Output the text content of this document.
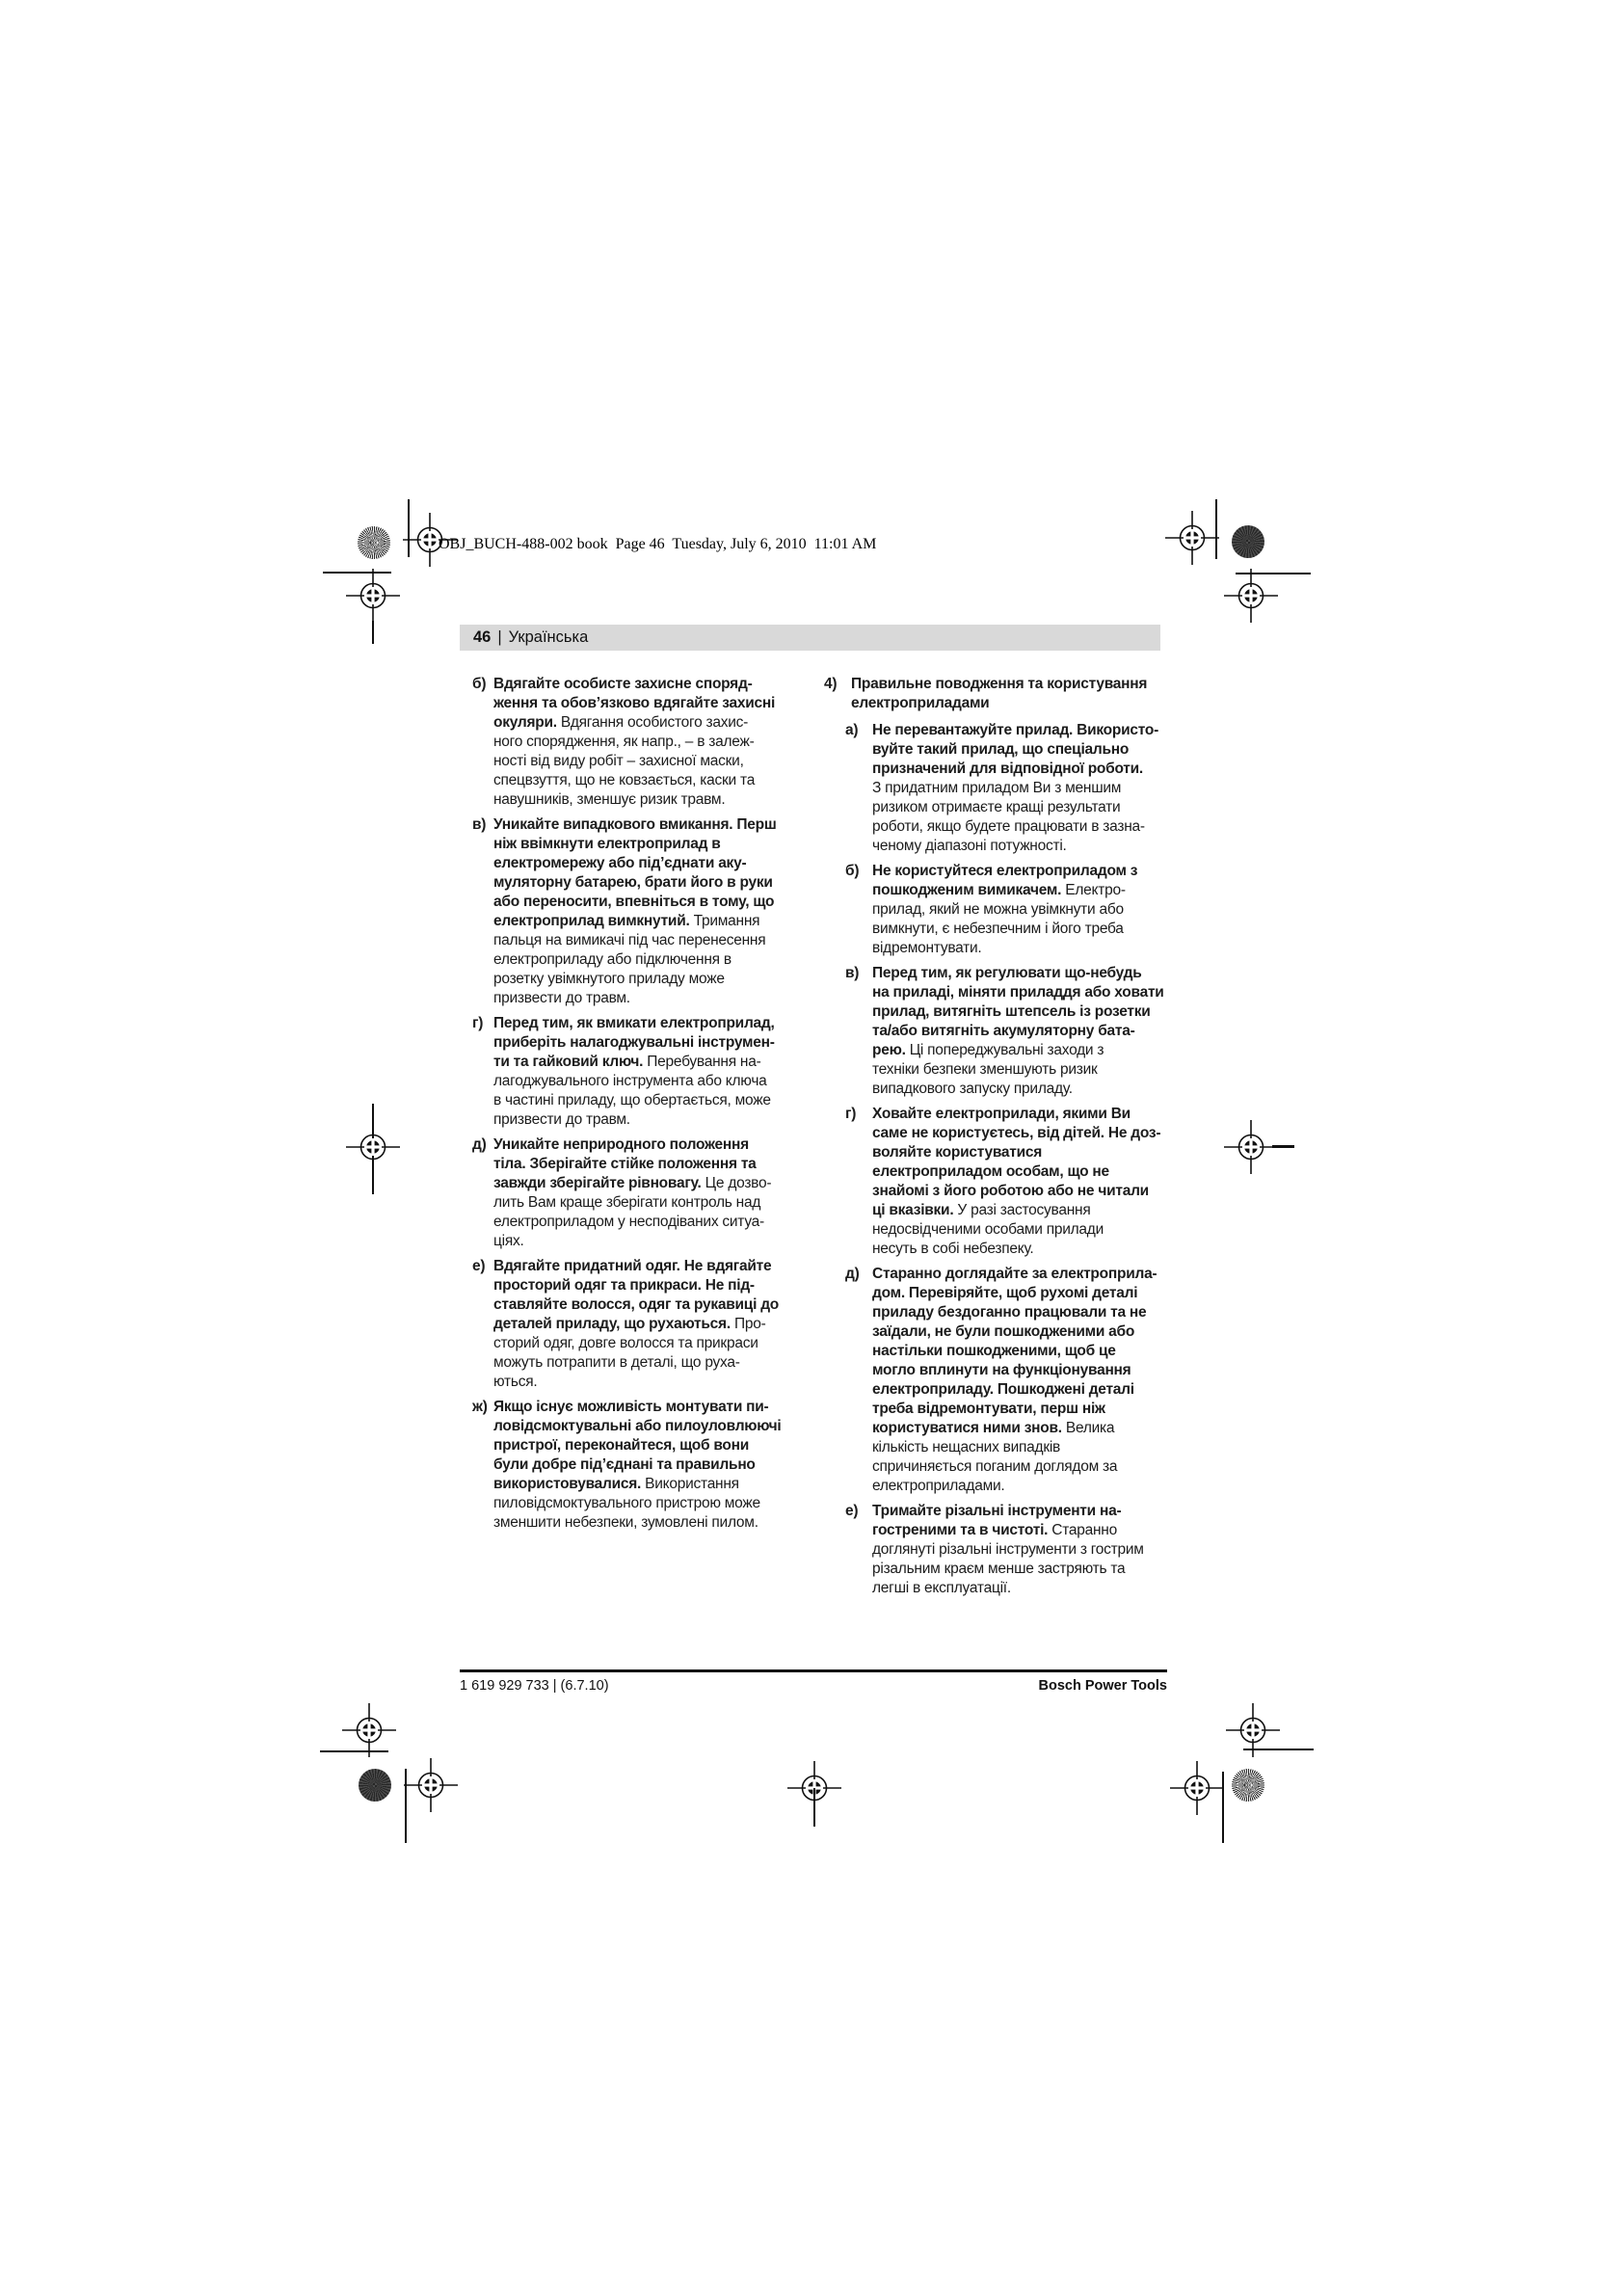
OBJ_BUCH-488-002 book  Page 46  Tuesday, July 6, 2010  11:01 AM
46 | Українська
б) Вдягайте особисте захисне споряд-
ження та обов’язково вдягайте захисні
окуляри. Вдягання особистого захис-
ного спорядження, як напр., – в залеж-
ності від виду робіт – захисної маски,
спецвзуття, що не ковзається, каски та
навушників, зменшує ризик травм.
в) Уникайте випадкового вмикання. Перш
ніж ввімкнути електроприлад в
електромережу або під’єднати аку-
муляторну батарею, брати його в руки
або переносити, впевніться в тому, що
електроприлад вимкнутий. Тримання
пальця на вимикачі під час перенесення
електроприладу або підключення в
розетку увімкнутого приладу може
призвести до травм.
г) Перед тим, як вмикати електроприлад,
приберіть налагоджувальні інструмен-
ти та гайковий ключ. Перебування на-
лагоджувального інструмента або ключа
в частині приладу, що обертається, може
призвести до травм.
д) Уникайте неприродного положення
тіла. Зберігайте стійке положення та
завжди зберігайте рівновагу. Це дозво-
лить Вам краще зберігати контроль над
електроприладом у несподіваних ситуа-
ціях.
е) Вдягайте придатний одяг. Не вдягайте
просторий одяг та прикраси. Не під-
ставляйте волосся, одяг та рукавиці до
деталей приладу, що рухаються. Про-
сторий одяг, довге волосся та прикраси
можуть потрапити в деталі, що руха-
ються.
ж) Якщо існує можливість монтувати пи-
ловідсмоктувальні або пилоуловлюючі
пристрої, переконайтеся, щоб вони
були добре під’єднані та правильно
використовувалися. Використання
пиловідсмоктувального пристрою може
зменшити небезпеки, зумовлені пилом.
4) Правильне поводження та користування
електроприладами
а) Не перевантажуйте прилад. Використо-
вуйте такий прилад, що спеціально
призначений для відповідної роботи.
З придатним приладом Ви з меншим
ризиком отримаєте кращі результати
роботи, якщо будете працювати в зазна-
ченому діапазоні потужності.
б) Не користуйтеся електроприладом з
пошкодженим вимикачем. Електро-
прилад, який не можна увімкнути або
вимкнути, є небезпечним і його треба
відремонтувати.
в) Перед тим, як регулювати що-небудь
на приладі, міняти приладдя або ховати
прилад, витягніть штепсель із розетки
та/або витягніть акумуляторну бата-
рею. Ці попереджувальні заходи з
техніки безпеки зменшують ризик
випадкового запуску приладу.
г)	Ховайте електроприлади, якими Ви
саме не користуєтесь, від дітей. Не доз-
воляйте користуватися
електроприладом особам, що не
знайомі з його роботою або не читали
ці вказівки. У разі застосування
недосвідченими особами прилади
несуть в собі небезпеку.
д) Старанно доглядайте за електроприла-
дом. Перевіряйте, щоб рухомі деталі
приладу бездоганно працювали та не
заїдали, не були пошкодженими або
настільки пошкодженими, щоб це
могло вплинути на функціонування
електроприладу. Пошкоджені деталі
треба відремонтувати, перш ніж
користуватися ними знов. Велика
кількість нещасних випадків
спричиняється поганим доглядом за
електроприладами.
е) Тримайте різальні інструменти на-
гостреними та в чистоті. Старанно
доглянуті різальні інструменти з гострим
різальним краєм менше застряють та
легші в експлуатації.
1 619 929 733 | (6.7.10)	Bosch Power Tools
